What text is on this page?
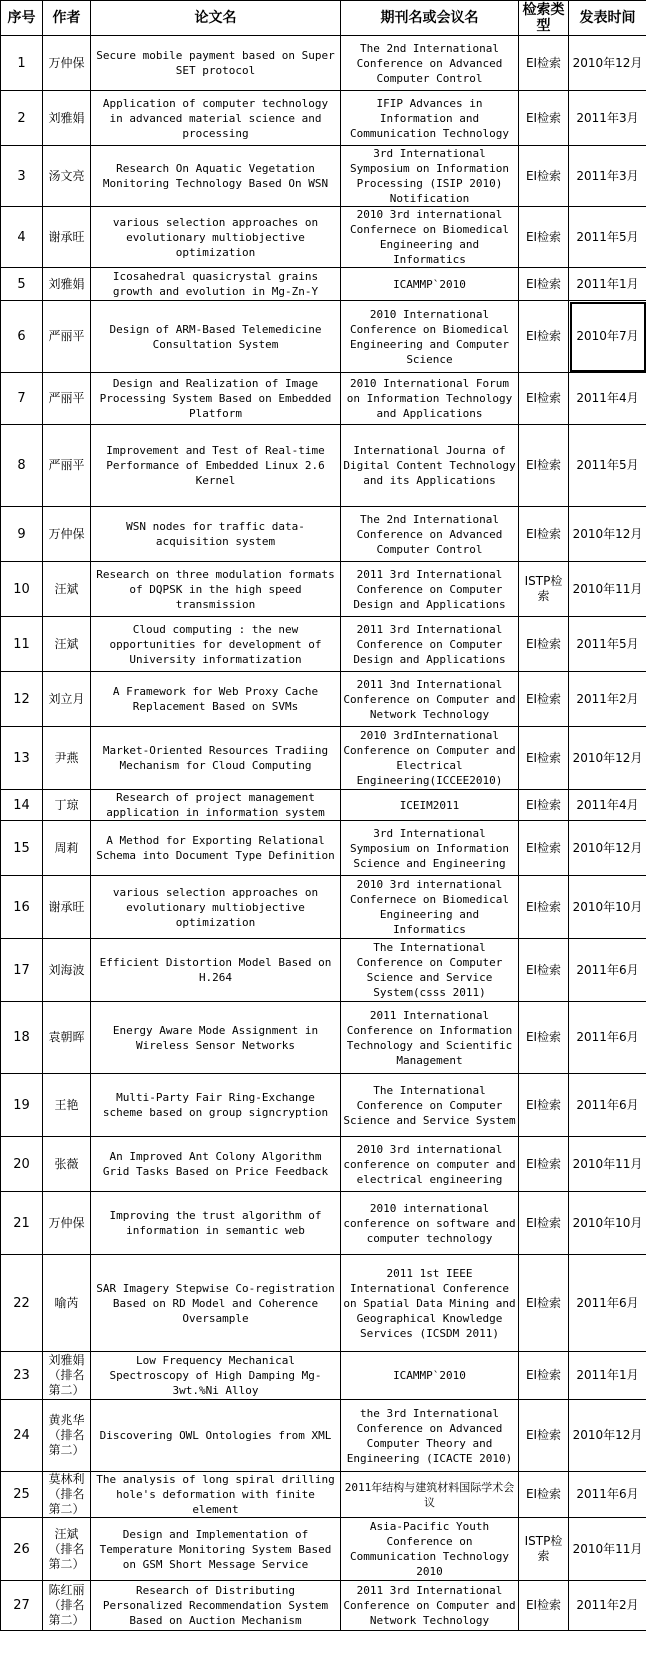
序号	作者	论文名	期刊名或会议名	检索类型	发表时间
1	万仲保	Secure mobile payment based on Super SET protocol	The 2nd International Conference on Advanced Computer Control	EI检索	2010年12月
2	刘雅娟	Application of computer technology in advanced material science and processing	IFIP Advances in Information and Communication Technology	EI检索	2011年3月
3	汤文亮	Research On Aquatic Vegetation Monitoring Technology Based On WSN	3rd International Symposium on Information Processing (ISIP 2010) Notification	EI检索	2011年3月
4	谢承旺	various selection approaches on evolutionary multiobjective optimization	2010 3rd international Confernece on Biomedical Engineering and Informatics	EI检索	2011年5月
5	刘雅娟	Icosahedral quasicrystal grains growth and evolution in Mg-Zn-Y	ICAMMP`2010	EI检索	2011年1月
6	严丽平	Design of ARM-Based Telemedicine Consultation System	2010 International Conference on Biomedical Engineering and Computer Science	EI检索	2010年7月
7	严丽平	Design and Realization of Image Processing System Based on Embedded Platform	2010 International Forum on Information Technology and Applications	EI检索	2011年4月
8	严丽平	Improvement and Test of Real-time Performance of Embedded Linux 2.6 Kernel	International Journa of Digital Content Technology and its Applications	EI检索	2011年5月
9	万仲保	WSN nodes for traffic data-acquisition system	The 2nd International Conference on Advanced Computer Control	EI检索	2010年12月
10	汪斌	Research on three modulation formats of DQPSK in the high speed transmission	2011 3rd International Conference on Computer Design and Applications	ISTP检索	2010年11月
11	汪斌	Cloud computing : the new opportunities for development of University informatization	2011 3rd International Conference on Computer Design and Applications	EI检索	2011年5月
12	刘立月	A Framework for Web Proxy Cache Replacement Based on SVMs	2011 3nd International Conference on Computer and Network Technology	EI检索	2011年2月
13	尹燕	Market-Oriented Resources Tradiing Mechanism for Cloud Computing	2010 3rdInternational Conference on Computer and Electrical Engineering(ICCEE2010)	EI检索	2010年12月
14	丁琼	Research of project management application in information system	ICEIM2011	EI检索	2011年4月
15	周莉	A Method for Exporting Relational Schema into Document Type Definition	3rd International Symposium on Information Science and Engineering	EI检索	2010年12月
16	谢承旺	various selection approaches on evolutionary multiobjective optimization	2010 3rd international Confernece on Biomedical Engineering and Informatics	EI检索	2010年10月
17	刘海波	Efficient Distortion Model Based on H.264	The International Conference on Computer Science and Service System(csss 2011)	EI检索	2011年6月
18	袁朝晖	Energy Aware Mode Assignment in Wireless Sensor Networks	2011 International Conference on Information Technology and Scientific Management	EI检索	2011年6月
19	王艳	Multi-Party Fair Ring-Exchange scheme based on group signcryption	The International Conference on Computer Science and Service System	EI检索	2011年6月
20	张薇	An Improved Ant Colony Algorithm Grid Tasks Based on Price Feedback	2010 3rd international conference on computer and electrical engineering	EI检索	2010年11月
21	万仲保	Improving the trust algorithm of information in semantic web	2010 international conference on software and computer technology	EI检索	2010年10月
22	喻芮	SAR Imagery Stepwise Co-registration Based on RD Model and Coherence Oversample	2011 1st IEEE International Conference on Spatial Data Mining and Geographical Knowledge Services (ICSDM 2011)	EI检索	2011年6月
23	刘雅娟（排名第二）	Low Frequency Mechanical Spectroscopy of High Damping Mg-3wt.%Ni Alloy	ICAMMP`2010	EI检索	2011年1月
24	黄兆华（排名第二）	Discovering OWL Ontologies from XML	the 3rd International Conference on Advanced Computer Theory and Engineering (ICACTE 2010)	EI检索	2010年12月
25	莫林利（排名第二）	The analysis of long spiral drilling hole's deformation with finite element	2011年结构与建筑材料国际学术会议	EI检索	2011年6月
26	汪斌（排名第二）	Design and Implementation of Temperature Monitoring System Based on GSM Short Message Service	Asia-Pacific Youth Conference on Communication Technology 2010	ISTP检索	2010年11月
27	陈红丽（排名第二）	Research of Distributing Personalized Recommendation System Based on Auction Mechanism	2011 3rd International Conference on Computer and Network Technology	EI检索	2011年2月
